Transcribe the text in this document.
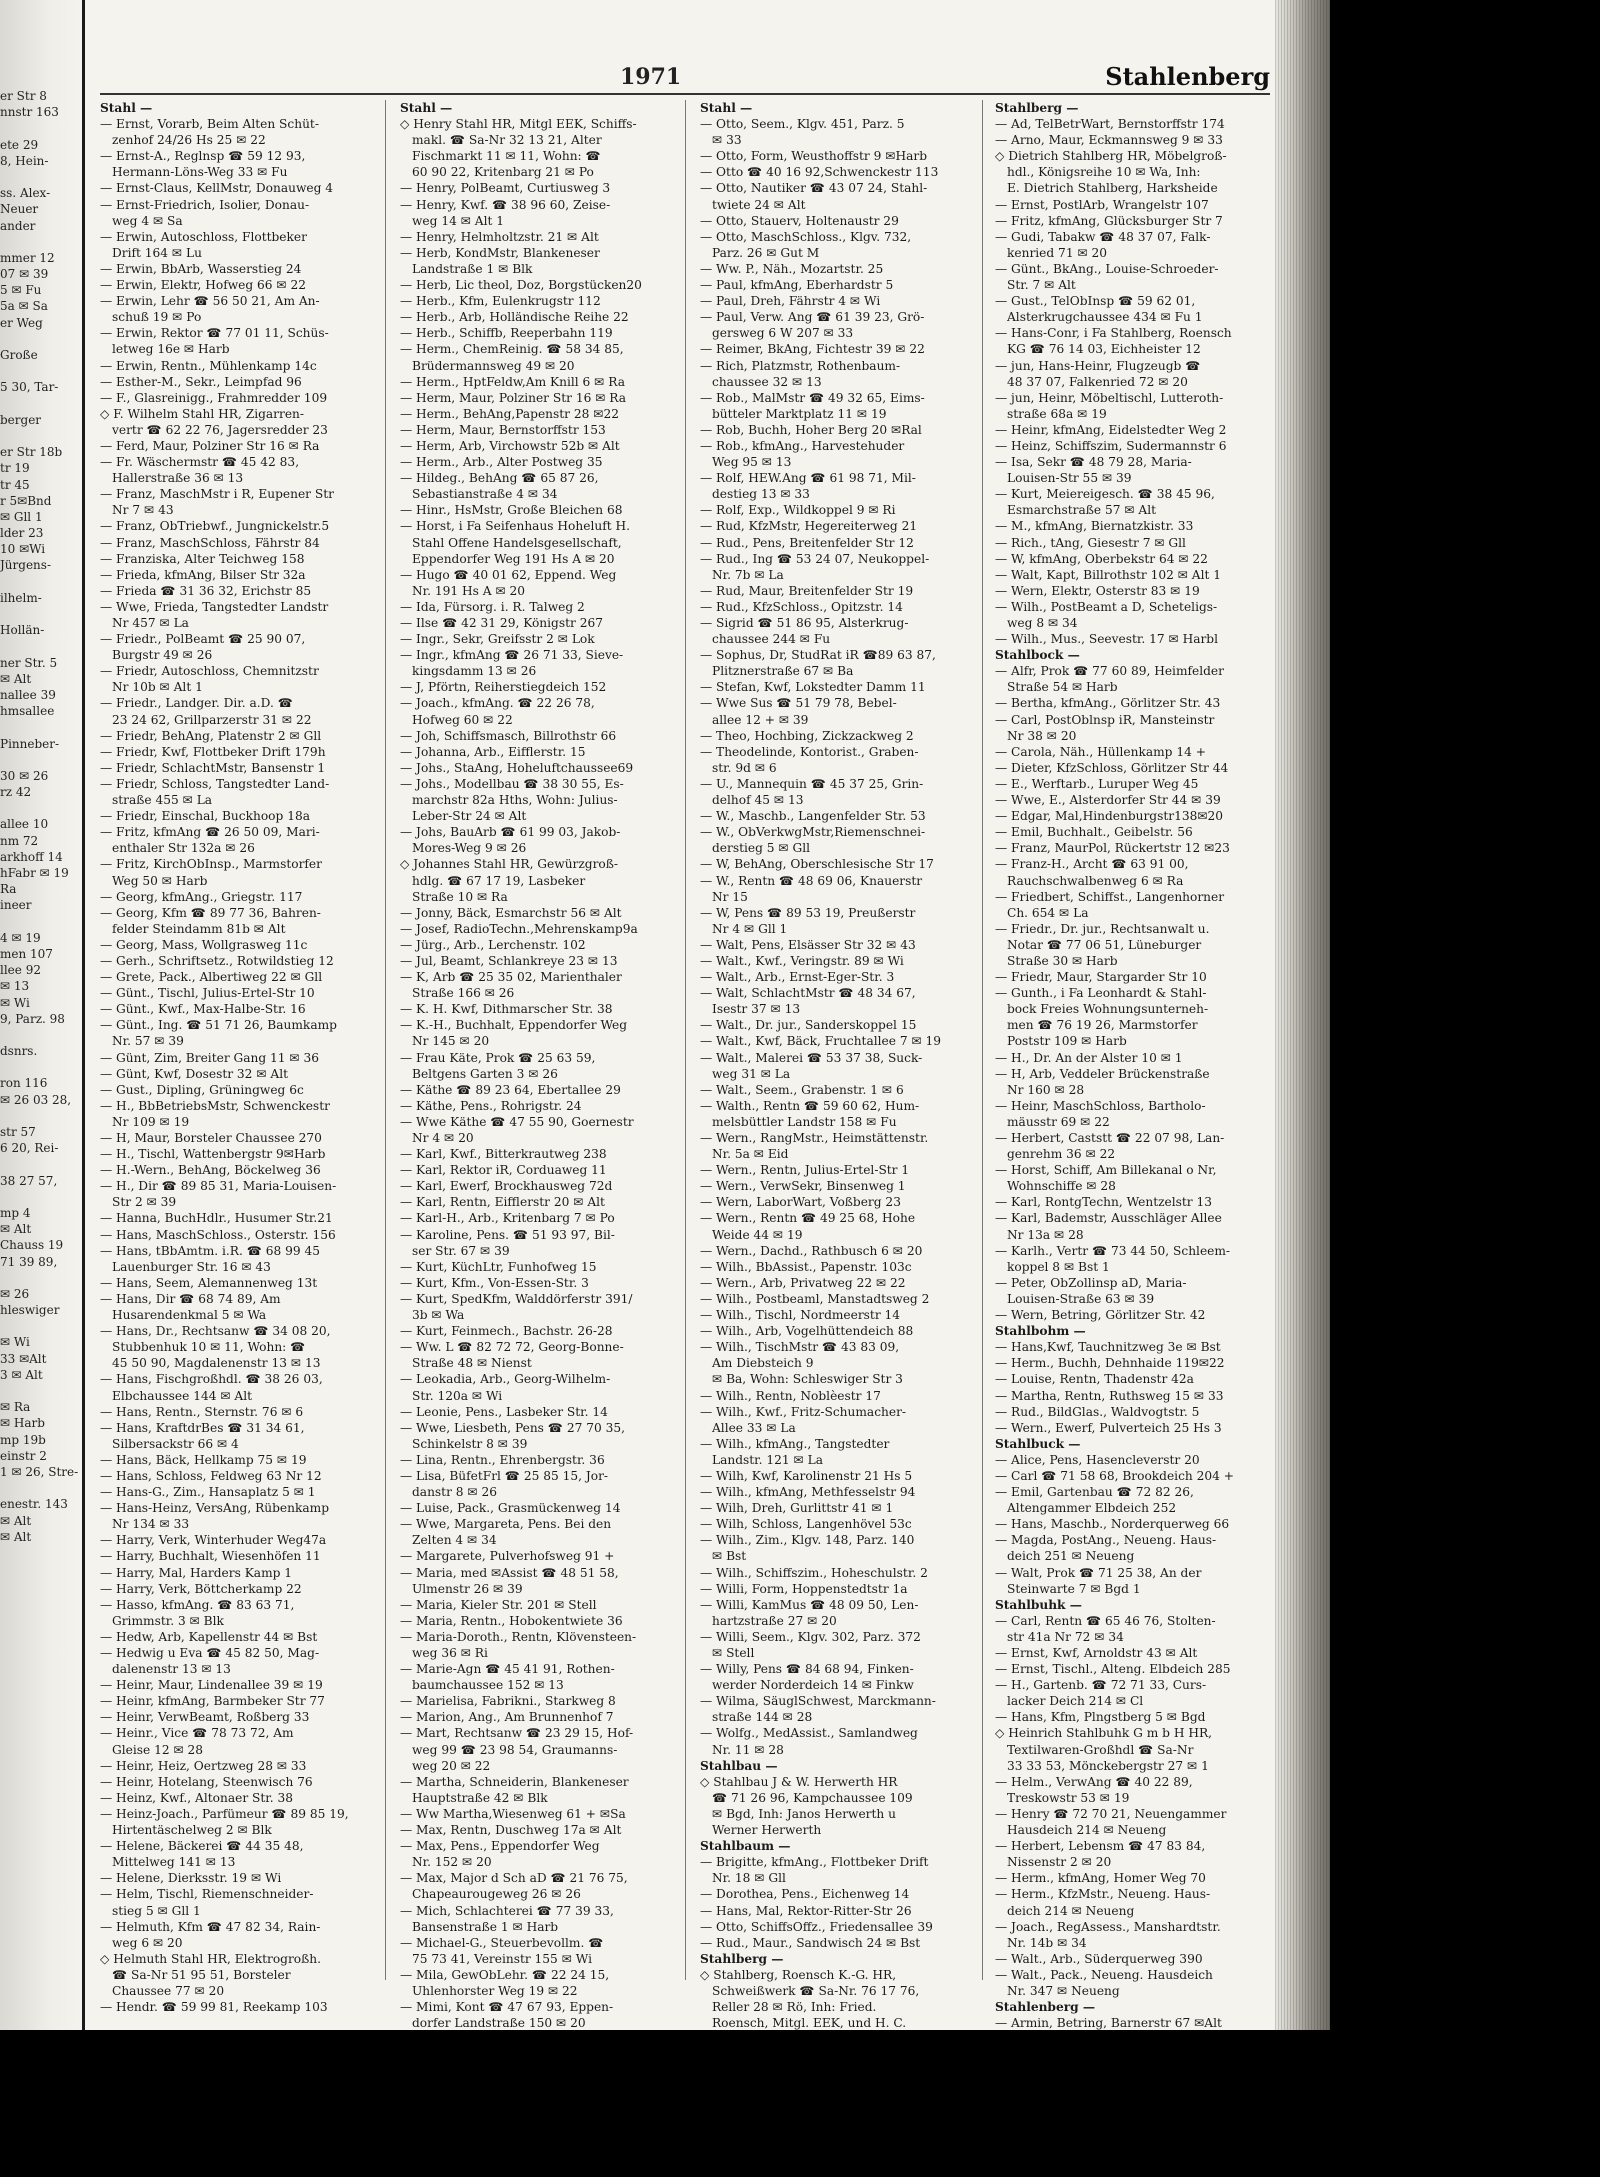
er Str 8
nnstr 163
ete 29
8, Hein-
ss. Alex-
Neuer
ander
mmer 12
07 ✉ 39
5 ✉ Fu
5a ✉ Sa
er Weg
Große
5 30, Tar-
berger
er Str 18b
tr 19
tr 45
r 5✉Bnd
✉ Gll 1
lder 23
10 ✉Wi
Jürgens-
ilhelm-
Hollän-
ner Str. 5
✉ Alt
nallee 39
hmsallee
Pinneber-
30 ✉ 26
rz 42
allee 10
nm 72
arkhoff 14
hFabr ✉ 19
Ra
ineer
4 ✉ 19
men 107
llee 92
✉ 13
✉ Wi
9, Parz. 98
dsnrs.
ron 116
✉ 26 03 28,
str 57
6 20, Rei-
38 27 57,
mp 4
✉ Alt
Chauss 19
71 39 89,
✉ 26
hleswiger
✉ Wi
33 ✉Alt
3 ✉ Alt
✉ Ra
✉ Harb
mp 19b
einstr 2
1 ✉ 26, Stre-
enestr. 143
✉ Alt
✉ Alt
1971	Stahlenberg
Stahl —
— Ernst, Vorarb, Beim Alten Schüt-
zenhof 24/26 Hs 25 ✉ 22
— Ernst-A., Reglnsp ☎ 59 12 93,
Hermann-Löns-Weg 33 ✉ Fu
— Ernst-Claus, KellMstr, Donauweg 4
— Ernst-Friedrich, Isolier, Donau-
weg 4 ✉ Sa
— Erwin, Autoschloss, Flottbeker
Drift 164 ✉ Lu
— Erwin, BbArb, Wasserstieg 24
— Erwin, Elektr, Hofweg 66 ✉ 22
— Erwin, Lehr ☎ 56 50 21, Am An-
schuß 19 ✉ Po
— Erwin, Rektor ☎ 77 01 11, Schüs-
letweg 16e ✉ Harb
— Erwin, Rentn., Mühlenkamp 14c
— Esther-M., Sekr., Leimpfad 96
— F., Glasreinigg., Frahmredder 109
◇ F. Wilhelm Stahl HR, Zigarren-
vertr ☎ 62 22 76, Jagersredder 23
— Ferd, Maur, Polziner Str 16 ✉ Ra
— Fr. Wäschermstr ☎ 45 42 83,
Hallerstraße 36 ✉ 13
— Franz, MaschMstr i R, Eupener Str
Nr 7 ✉ 43
— Franz, ObTriebwf., Jungnickelstr.5
— Franz, MaschSchloss, Fährstr 84
— Franziska, Alter Teichweg 158
— Frieda, kfmAng, Bilser Str 32a
— Frieda ☎ 31 36 32, Erichstr 85
— Wwe, Frieda, Tangstedter Landstr
Nr 457 ✉ La
— Friedr., PolBeamt ☎ 25 90 07,
Burgstr 49 ✉ 26
— Friedr, Autoschloss, Chemnitzstr
Nr 10b ✉ Alt 1
— Friedr., Landger. Dir. a.D. ☎
23 24 62, Grillparzerstr 31 ✉ 22
— Friedr, BehAng, Platenstr 2 ✉ Gll
— Friedr, Kwf, Flottbeker Drift 179h
— Friedr, SchlachtMstr, Bansenstr 1
— Friedr, Schloss, Tangstedter Land-
straße 455 ✉ La
— Friedr, Einschal, Buckhoop 18a
— Fritz, kfmAng ☎ 26 50 09, Mari-
enthaler Str 132a ✉ 26
— Fritz, KirchObInsp., Marmstorfer
Weg 50 ✉ Harb
— Georg, kfmAng., Griegstr. 117
— Georg, Kfm ☎ 89 77 36, Bahren-
felder Steindamm 81b ✉ Alt
— Georg, Mass, Wollgrasweg 11c
— Gerh., Schriftsetz., Rotwildstieg 12
— Grete, Pack., Albertiweg 22 ✉ Gll
— Günt., Tischl, Julius-Ertel-Str 10
— Günt., Kwf., Max-Halbe-Str. 16
— Günt., Ing. ☎ 51 71 26, Baumkamp
Nr. 57 ✉ 39
— Günt, Zim, Breiter Gang 11 ✉ 36
— Günt, Kwf, Dosestr 32 ✉ Alt
— Gust., Dipling, Grüningweg 6c
— H., BbBetriebsMstr, Schwenckestr
Nr 109 ✉ 19
— H, Maur, Borsteler Chaussee 270
— H., Tischl, Wattenbergstr 9✉Harb
— H.-Wern., BehAng, Böckelweg 36
— H., Dir ☎ 89 85 31, Maria-Louisen-
Str 2 ✉ 39
— Hanna, BuchHdlr., Husumer Str.21
— Hans, MaschSchloss., Osterstr. 156
— Hans, tBbAmtm. i.R. ☎ 68 99 45
Lauenburger Str. 16 ✉ 43
— Hans, Seem, Alemannenweg 13t
— Hans, Dir ☎ 68 74 89, Am
Husarendenkmal 5 ✉ Wa
— Hans, Dr., Rechtsanw ☎ 34 08 20,
Stubbenhuk 10 ✉ 11, Wohn: ☎
45 50 90, Magdalenenstr 13 ✉ 13
— Hans, Fischgroßhdl. ☎ 38 26 03,
Elbchaussee 144 ✉ Alt
— Hans, Rentn., Sternstr. 76 ✉ 6
— Hans, KraftdrBes ☎ 31 34 61,
Silbersackstr 66 ✉ 4
— Hans, Bäck, Hellkamp 75 ✉ 19
— Hans, Schloss, Feldweg 63 Nr 12
— Hans-G., Zim., Hansaplatz 5 ✉ 1
— Hans-Heinz, VersAng, Rübenkamp
Nr 134 ✉ 33
— Harry, Verk, Winterhuder Weg47a
— Harry, Buchhalt, Wiesenhöfen 11
— Harry, Mal, Harders Kamp 1
— Harry, Verk, Böttcherkamp 22
— Hasso, kfmAng. ☎ 83 63 71,
Grimmstr. 3 ✉ Blk
— Hedw, Arb, Kapellenstr 44 ✉ Bst
— Hedwig u Eva ☎ 45 82 50, Mag-
dalenenstr 13 ✉ 13
— Heinr, Maur, Lindenallee 39 ✉ 19
— Heinr, kfmAng, Barmbeker Str 77
— Heinr, VerwBeamt, Roßberg 33
— Heinr., Vice ☎ 78 73 72, Am
Gleise 12 ✉ 28
— Heinr, Heiz, Oertzweg 28 ✉ 33
— Heinr, Hotelang, Steenwisch 76
— Heinz, Kwf., Altonaer Str. 38
— Heinz-Joach., Parfümeur ☎ 89 85 19,
Hirtentäschelweg 2 ✉ Blk
— Helene, Bäckerei ☎ 44 35 48,
Mittelweg 141 ✉ 13
— Helene, Dierksstr. 19 ✉ Wi
— Helm, Tischl, Riemenschneider-
stieg 5 ✉ Gll 1
— Helmuth, Kfm ☎ 47 82 34, Rain-
weg 6 ✉ 20
◇ Helmuth Stahl HR, Elektrogroßh.
☎ Sa-Nr 51 95 51, Borsteler
Chaussee 77 ✉ 20
— Hendr. ☎ 59 99 81, Reekamp 103
Stahl —
◇ Henry Stahl HR, Mitgl EEK, Schiffs-
makl. ☎ Sa-Nr 32 13 21, Alter
Fischmarkt 11 ✉ 11, Wohn: ☎
60 90 22, Kritenbarg 21 ✉ Po
— Henry, PolBeamt, Curtiusweg 3
— Henry, Kwf. ☎ 38 96 60, Zeise-
weg 14 ✉ Alt 1
— Henry, Helmholtzstr. 21 ✉ Alt
— Herb, KondMstr, Blankeneser
Landstraße 1 ✉ Blk
— Herb, Lic theol, Doz, Borgstücken20
— Herb., Kfm, Eulenkrugstr 112
— Herb., Arb, Holländische Reihe 22
— Herb., Schiffb, Reeperbahn 119
— Herm., ChemReinig. ☎ 58 34 85,
Brüdermannsweg 49 ✉ 20
— Herm., HptFeldw,Am Knill 6 ✉ Ra
— Herm, Maur, Polziner Str 16 ✉ Ra
— Herm., BehAng,Papenstr 28 ✉22
— Herm, Maur, Bernstorffstr 153
— Herm, Arb, Virchowstr 52b ✉ Alt
— Herm., Arb., Alter Postweg 35
— Hildeg., BehAng ☎ 65 87 26,
Sebastianstraße 4 ✉ 34
— Hinr., HsMstr, Große Bleichen 68
— Horst, i Fa Seifenhaus Hoheluft H.
Stahl Offene Handelsgesellschaft,
Eppendorfer Weg 191 Hs A ✉ 20
— Hugo ☎ 40 01 62, Eppend. Weg
Nr. 191 Hs A ✉ 20
— Ida, Fürsorg. i. R. Talweg 2
— Ilse ☎ 42 31 29, Königstr 267
— Ingr., Sekr, Greifsstr 2 ✉ Lok
— Ingr., kfmAng ☎ 26 71 33, Sieve-
kingsdamm 13 ✉ 26
— J, Pförtn, Reiherstiegdeich 152
— Joach., kfmAng. ☎ 22 26 78,
Hofweg 60 ✉ 22
— Joh, Schiffsmasch, Billrothstr 66
— Johanna, Arb., Eifflerstr. 15
— Johs., StaAng, Hoheluftchaussee69
— Johs., Modellbau ☎ 38 30 55, Es-
marchstr 82a Hths, Wohn: Julius-
Leber-Str 24 ✉ Alt
— Johs, BauArb ☎ 61 99 03, Jakob-
Mores-Weg 9 ✉ 26
◇ Johannes Stahl HR, Gewürzgroß-
hdlg. ☎ 67 17 19, Lasbeker
Straße 10 ✉ Ra
— Jonny, Bäck, Esmarchstr 56 ✉ Alt
— Josef, RadioTechn.,Mehrenskamp9a
— Jürg., Arb., Lerchenstr. 102
— Jul, Beamt, Schlankreye 23 ✉ 13
— K, Arb ☎ 25 35 02, Marienthaler
Straße 166 ✉ 26
— K. H. Kwf, Dithmarscher Str. 38
— K.-H., Buchhalt, Eppendorfer Weg
Nr 145 ✉ 20
— Frau Käte, Prok ☎ 25 63 59,
Beltgens Garten 3 ✉ 26
— Käthe ☎ 89 23 64, Ebertallee 29
— Käthe, Pens., Rohrigstr. 24
— Wwe Käthe ☎ 47 55 90, Goernestr
Nr 4 ✉ 20
— Karl, Kwf., Bitterkrautweg 238
— Karl, Rektor iR, Corduaweg 11
— Karl, Ewerf, Brockhausweg 72d
— Karl, Rentn, Eifflerstr 20 ✉ Alt
— Karl-H., Arb., Kritenbarg 7 ✉ Po
— Karoline, Pens. ☎ 51 93 97, Bil-
ser Str. 67 ✉ 39
— Kurt, KüchLtr, Funhofweg 15
— Kurt, Kfm., Von-Essen-Str. 3
— Kurt, SpedKfm, Walddörferstr 391/
3b ✉ Wa
— Kurt, Feinmech., Bachstr. 26-28
— Ww. L ☎ 82 72 72, Georg-Bonne-
Straße 48 ✉ Nienst
— Leokadia, Arb., Georg-Wilhelm-
Str. 120a ✉ Wi
— Leonie, Pens., Lasbeker Str. 14
— Wwe, Liesbeth, Pens ☎ 27 70 35,
Schinkelstr 8 ✉ 39
— Lina, Rentn., Ehrenbergstr. 36
— Lisa, BüfetFrl ☎ 25 85 15, Jor-
danstr 8 ✉ 26
— Luise, Pack., Grasmückenweg 14
— Wwe, Margareta, Pens. Bei den
Zelten 4 ✉ 34
— Margarete, Pulverhofsweg 91 +
— Maria, med ✉Assist ☎ 48 51 58,
Ulmenstr 26 ✉ 39
— Maria, Kieler Str. 201 ✉ Stell
— Maria, Rentn., Hobokentwiete 36
— Maria-Doroth., Rentn, Klövensteen-
weg 36 ✉ Ri
— Marie-Agn ☎ 45 41 91, Rothen-
baumchaussee 152 ✉ 13
— Marielisa, Fabrikni., Starkweg 8
— Marion, Ang., Am Brunnenhof 7
— Mart, Rechtsanw ☎ 23 29 15, Hof-
weg 99 ☎ 23 98 54, Graumanns-
weg 20 ✉ 22
— Martha, Schneiderin, Blankeneser
Hauptstraße 42 ✉ Blk
— Ww Martha,Wiesenweg 61 + ✉Sa
— Max, Rentn, Duschweg 17a ✉ Alt
— Max, Pens., Eppendorfer Weg
Nr. 152 ✉ 20
— Max, Major d Sch aD ☎ 21 76 75,
Chapeaurougeweg 26 ✉ 26
— Mich, Schlachterei ☎ 77 39 33,
Bansenstraße 1 ✉ Harb
— Michael-G., Steuerbevollm. ☎
75 73 41, Vereinstr 155 ✉ Wi
— Mila, GewObLehr. ☎ 22 24 15,
Uhlenhorster Weg 19 ✉ 22
— Mimi, Kont ☎ 47 67 93, Eppen-
dorfer Landstraße 150 ✉ 20
Stahl —
— Otto, Seem., Klgv. 451, Parz. 5
✉ 33
— Otto, Form, Weusthoffstr 9 ✉Harb
— Otto ☎ 40 16 92,Schwenckestr 113
— Otto, Nautiker ☎ 43 07 24, Stahl-
twiete 24 ✉ Alt
— Otto, Stauerv, Holtenaustr 29
— Otto, MaschSchloss., Klgv. 732,
Parz. 26 ✉ Gut M
— Ww. P., Näh., Mozartstr. 25
— Paul, kfmAng, Eberhardstr 5
— Paul, Dreh, Fährstr 4 ✉ Wi
— Paul, Verw. Ang ☎ 61 39 23, Grö-
gersweg 6 W 207 ✉ 33
— Reimer, BkAng, Fichtestr 39 ✉ 22
— Rich, Platzmstr, Rothenbaum-
chaussee 32 ✉ 13
— Rob., MalMstr ☎ 49 32 65, Eims-
bütteler Marktplatz 11 ✉ 19
— Rob, Buchh, Hoher Berg 20 ✉Ral
— Rob., kfmAng., Harvestehuder
Weg 95 ✉ 13
— Rolf, HEW.Ang ☎ 61 98 71, Mil-
destieg 13 ✉ 33
— Rolf, Exp., Wildkoppel 9 ✉ Ri
— Rud, KfzMstr, Hegereiterweg 21
— Rud., Pens, Breitenfelder Str 12
— Rud., Ing ☎ 53 24 07, Neukoppel-
Nr. 7b ✉ La
— Rud, Maur, Breitenfelder Str 19
— Rud., KfzSchloss., Opitzstr. 14
— Sigrid ☎ 51 86 95, Alsterkrug-
chaussee 244 ✉ Fu
— Sophus, Dr, StudRat iR ☎89 63 87,
Plitznerstraße 67 ✉ Ba
— Stefan, Kwf, Lokstedter Damm 11
— Wwe Sus ☎ 51 79 78, Bebel-
allee 12 + ✉ 39
— Theo, Hochbing, Zickzackweg 2
— Theodelinde, Kontorist., Graben-
str. 9d ✉ 6
— U., Mannequin ☎ 45 37 25, Grin-
delhof 45 ✉ 13
— W., Maschb., Langenfelder Str. 53
— W., ObVerkwgMstr,Riemenschnei-
derstieg 5 ✉ Gll
— W, BehAng, Oberschlesische Str 17
— W., Rentn ☎ 48 69 06, Knauerstr
Nr 15
— W, Pens ☎ 89 53 19, Preußerstr
Nr 4 ✉ Gll 1
— Walt, Pens, Elsässer Str 32 ✉ 43
— Walt., Kwf., Veringstr. 89 ✉ Wi
— Walt., Arb., Ernst-Eger-Str. 3
— Walt, SchlachtMstr ☎ 48 34 67,
Isestr 37 ✉ 13
— Walt., Dr. jur., Sanderskoppel 15
— Walt., Kwf, Bäck, Fruchtallee 7 ✉ 19
— Walt., Malerei ☎ 53 37 38, Suck-
weg 31 ✉ La
— Walt., Seem., Grabenstr. 1 ✉ 6
— Walth., Rentn ☎ 59 60 62, Hum-
melsbüttler Landstr 158 ✉ Fu
— Wern., RangMstr., Heimstättenstr.
Nr. 5a ✉ Eid
— Wern., Rentn, Julius-Ertel-Str 1
— Wern., VerwSekr, Binsenweg 1
— Wern, LaborWart, Voßberg 23
— Wern., Rentn ☎ 49 25 68, Hohe
Weide 44 ✉ 19
— Wern., Dachd., Rathbusch 6 ✉ 20
— Wilh., BbAssist., Papenstr. 103c
— Wern., Arb, Privatweg 22 ✉ 22
— Wilh., Postbeaml, Manstadtsweg 2
— Wilh., Tischl, Nordmeerstr 14
— Wilh., Arb, Vogelhüttendeich 88
— Wilh., TischMstr ☎ 43 83 09,
Am Diebsteich 9
✉ Ba, Wohn: Schleswiger Str 3
— Wilh., Rentn, Noblèestr 17
— Wilh., Kwf., Fritz-Schumacher-
Allee 33 ✉ La
— Wilh., kfmAng., Tangstedter
Landstr. 121 ✉ La
— Wilh, Kwf, Karolinenstr 21 Hs 5
— Wilh., kfmAng, Methfesselstr 94
— Wilh, Dreh, Gurlittstr 41 ✉ 1
— Wilh, Schloss, Langenhövel 53c
— Wilh., Zim., Klgv. 148, Parz. 140
✉ Bst
— Wilh., Schiffszim., Hoheschulstr. 2
— Willi, Form, Hoppenstedtstr 1a
— Willi, KamMus ☎ 48 09 50, Len-
hartzstraße 27 ✉ 20
— Willi, Seem., Klgv. 302, Parz. 372
✉ Stell
— Willy, Pens ☎ 84 68 94, Finken-
werder Norderdeich 14 ✉ Finkw
— Wilma, SäuglSchwest, Marckmann-
straße 144 ✉ 28
— Wolfg., MedAssist., Samlandweg
Nr. 11 ✉ 28
Stahlbau —
◇ Stahlbau J & W. Herwerth HR
☎ 71 26 96, Kampchaussee 109
✉ Bgd, Inh: Janos Herwerth u
Werner Herwerth
Stahlbaum —
— Brigitte, kfmAng., Flottbeker Drift
Nr. 18 ✉ Gll
— Dorothea, Pens., Eichenweg 14
— Hans, Mal, Rektor-Ritter-Str 26
— Otto, SchiffsOffz., Friedensallee 39
— Rud., Maur., Sandwisch 24 ✉ Bst
Stahlberg —
◇ Stahlberg, Roensch K.-G. HR,
Schweißwerk ☎ Sa-Nr. 76 17 76,
Reller 28 ✉ Rö, Inh: Fried.
Roensch, Mitgl. EEK, und H. C.
Stahlberg —
— Ad, TelBetrWart, Bernstorffstr 174
— Arno, Maur, Eckmannsweg 9 ✉ 33
◇ Dietrich Stahlberg HR, Möbelgroß-
hdl., Königsreihe 10 ✉ Wa, Inh:
E. Dietrich Stahlberg, Harksheide
— Ernst, PostlArb, Wrangelstr 107
— Fritz, kfmAng, Glücksburger Str 7
— Gudi, Tabakw ☎ 48 37 07, Falk-
kenried 71 ✉ 20
— Günt., BkAng., Louise-Schroeder-
Str. 7 ✉ Alt
— Gust., TelObInsp ☎ 59 62 01,
Alsterkrugchaussee 434 ✉ Fu 1
— Hans-Conr, i Fa Stahlberg, Roensch
KG ☎ 76 14 03, Eichheister 12
— jun, Hans-Heinr, Flugzeugb ☎
48 37 07, Falkenried 72 ✉ 20
— jun, Heinr, Möbeltischl, Lutteroth-
straße 68a ✉ 19
— Heinr, kfmAng, Eidelstedter Weg 2
— Heinz, Schiffszim, Sudermannstr 6
— Isa, Sekr ☎ 48 79 28, Maria-
Louisen-Str 55 ✉ 39
— Kurt, Meiereigesch. ☎ 38 45 96,
Esmarchstraße 57 ✉ Alt
— M., kfmAng, Biernatzkistr. 33
— Rich., tAng, Giesestr 7 ✉ Gll
— W, kfmAng, Oberbekstr 64 ✉ 22
— Walt, Kapt, Billrothstr 102 ✉ Alt 1
— Wern, Elektr, Osterstr 83 ✉ 19
— Wilh., PostBeamt a D, Scheteligs-
weg 8 ✉ 34
— Wilh., Mus., Seevestr. 17 ✉ Harbl
Stahlbock —
— Alfr, Prok ☎ 77 60 89, Heimfelder
Straße 54 ✉ Harb
— Bertha, kfmAng., Görlitzer Str. 43
— Carl, PostOblnsp iR, Mansteinstr
Nr 38 ✉ 20
— Carola, Näh., Hüllenkamp 14 +
— Dieter, KfzSchloss, Görlitzer Str 44
— E., Werftarb., Luruper Weg 45
— Wwe, E., Alsterdorfer Str 44 ✉ 39
— Edgar, Mal,Hindenburgstr138✉20
— Emil, Buchhalt., Geibelstr. 56
— Franz, MaurPol, Rückertstr 12 ✉23
— Franz-H., Archt ☎ 63 91 00,
Rauchschwalbenweg 6 ✉ Ra
— Friedbert, Schiffst., Langenhorner
Ch. 654 ✉ La
— Friedr., Dr. jur., Rechtsanwalt u.
Notar ☎ 77 06 51, Lüneburger
Straße 30 ✉ Harb
— Friedr, Maur, Stargarder Str 10
— Gunth., i Fa Leonhardt & Stahl-
bock Freies Wohnungsunterneh-
men ☎ 76 19 26, Marmstorfer
Poststr 109 ✉ Harb
— H., Dr. An der Alster 10 ✉ 1
— H, Arb, Veddeler Brückenstraße
Nr 160 ✉ 28
— Heinr, MaschSchloss, Bartholo-
mäusstr 69 ✉ 22
— Herbert, Caststt ☎ 22 07 98, Lan-
genrehm 36 ✉ 22
— Horst, Schiff, Am Billekanal o Nr,
Wohnschiffe ✉ 28
— Karl, RontgTechn, Wentzelstr 13
— Karl, Bademstr, Ausschläger Allee
Nr 13a ✉ 28
— Karlh., Vertr ☎ 73 44 50, Schleem-
koppel 8 ✉ Bst 1
— Peter, ObZollinsp aD, Maria-
Louisen-Straße 63 ✉ 39
— Wern, Betring, Görlitzer Str. 42
Stahlbohm —
— Hans,Kwf, Tauchnitzweg 3e ✉ Bst
— Herm., Buchh, Dehnhaide 119✉22
— Louise, Rentn, Thadenstr 42a
— Martha, Rentn, Ruthsweg 15 ✉ 33
— Rud., BildGlas., Waldvogtstr. 5
— Wern., Ewerf, Pulverteich 25 Hs 3
Stahlbuck —
— Alice, Pens, Hasencleverstr 20
— Carl ☎ 71 58 68, Brookdeich 204 +
— Emil, Gartenbau ☎ 72 82 26,
Altengammer Elbdeich 252
— Hans, Maschb., Norderquerweg 66
— Magda, PostAng., Neueng. Haus-
deich 251 ✉ Neueng
— Walt, Prok ☎ 71 25 38, An der
Steinwarte 7 ✉ Bgd 1
Stahlbuhk —
— Carl, Rentn ☎ 65 46 76, Stolten-
str 41a Nr 72 ✉ 34
— Ernst, Kwf, Arnoldstr 43 ✉ Alt
— Ernst, Tischl., Alteng. Elbdeich 285
— H., Gartenb. ☎ 72 71 33, Curs-
lacker Deich 214 ✉ Cl
— Hans, Kfm, Plngstberg 5 ✉ Bgd
◇ Heinrich Stahlbuhk G m b H HR,
Textilwaren-Großhdl ☎ Sa-Nr
33 33 53, Mönckebergstr 27 ✉ 1
— Helm., VerwAng ☎ 40 22 89,
Treskowstr 53 ✉ 19
— Henry ☎ 72 70 21, Neuengammer
Hausdeich 214 ✉ Neueng
— Herbert, Lebensm ☎ 47 83 84,
Nissenstr 2 ✉ 20
— Herm., kfmAng, Homer Weg 70
— Herm., KfzMstr., Neueng. Haus-
deich 214 ✉ Neueng
— Joach., RegAssess., Manshardtstr.
Nr. 14b ✉ 34
— Walt., Arb., Süderquerweg 390
— Walt., Pack., Neueng. Hausdeich
Nr. 347 ✉ Neueng
Stahlenberg —
— Armin, Betring, Barnerstr 67 ✉Alt
